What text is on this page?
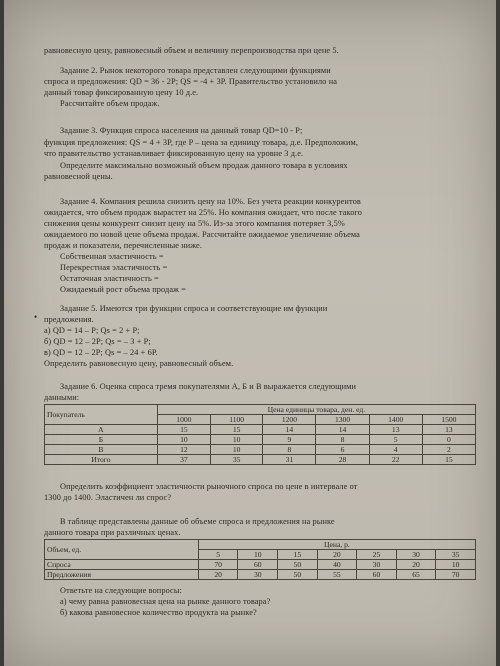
равновесную цену, равновесный объем и величину перепроизводства при цене 5.
Задание 2. Рынок некоторого товара представлен следующими функциями
спроса и предложения: QD = 36 - 2P; QS = -4 + 3P. Правительство установило на
данный товар фиксированную цену 10 д.е.
Рассчитайте объем продаж.
Задание 3. Функция спроса населения на данный товар QD=10 - P;
функция предложения: QS = 4 + 3P, где P – цена за единицу товара, д.е. Предположим,
что правительство устанавливает фиксированную цену на уровне 3 д.е.
Определите максимально возможный объем продаж данного товара в условиях
равновесной цены.
Задание 4. Компания решила снизить цену на 10%. Без учета реакции конкурентов
ожидается, что объем продаж вырастет на 25%. Но компания ожидает, что после такого
снижения цены конкурент снизит цену на 5%. Из-за этого компания потеряет 3,5%
ожидаемого по новой цене объема продаж. Рассчитайте ожидаемое увеличение объема
продаж и показатели, перечисленные ниже.
Собственная эластичность =
Перекрестная эластичность =
Остаточная эластичность =
Ожидаемый рост объема продаж =
•
Задание 5. Имеются три функции спроса и соответствующие им функции
предложения.
а) QD = 14 – P; Qs = 2 + P;
б) QD = 12 – 2P; Qs = – 3 + P;
в) QD = 12 – 2P; Qs = – 24 + 6P.
Определить равновесную цену, равновесный объем.
Задание 6. Оценка спроса тремя покупателями А, Б и В выражается следующими
данными:
Покупатель	Цена единицы товара, ден. ед.					
	1000	1100	1200	1300	1400	1500
А	15	15	14	14	13	13
Б	10	10	9	8	5	0
В	12	10	8	6	4	2
Итого	37	35	31	28	22	15
Определить коэффициент эластичности рыночного спроса по цене в интервале от
1300 до 1400. Эластичен ли спрос?
В таблице представлены данные об объеме спроса и предложения на рынке
данного товара при различных ценах.
Объем, ед.	Цена, р.						
	5	10	15	20	25	30	35
Спроса	70	60	50	40	30	20	10
Предложения	20	30	50	55	60	65	70
Ответьте на следующие вопросы:
а) чему равна равновесная цена на рынке данного товара?
б) какова равновесное количество продукта на рынке?
